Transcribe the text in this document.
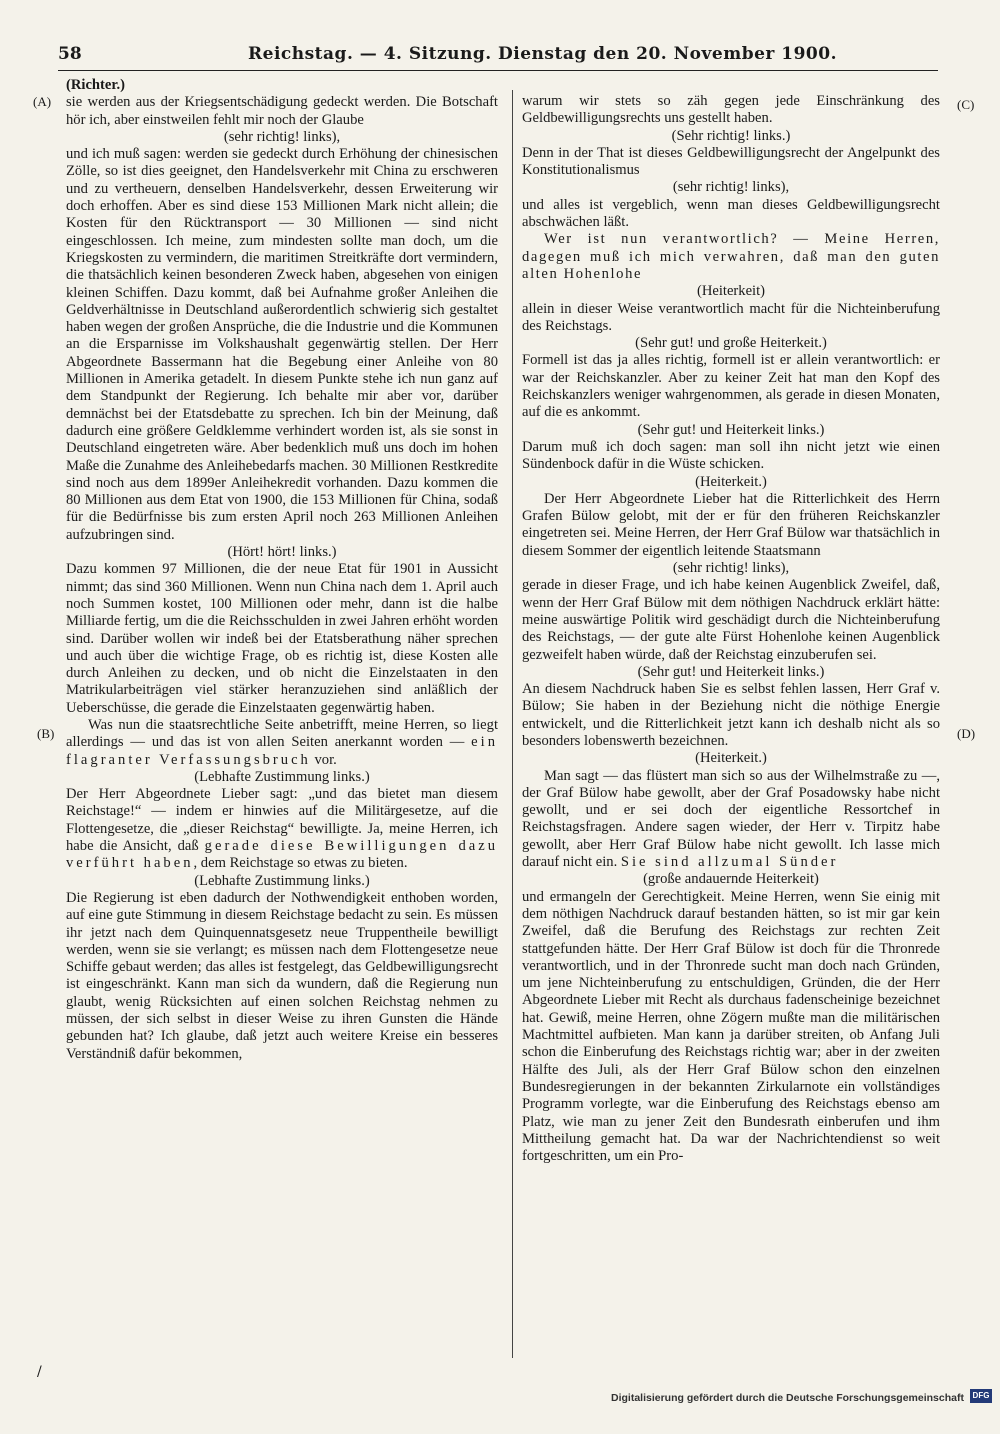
58	Reichstag. — 4. Sitzung. Dienstag den 20. November 1900.
(A)
(B)
(C)
(D)

(Richter.)

sie werden aus der Kriegsentschädigung gedeckt werden. Die Botschaft hör ich, aber einstweilen fehlt mir noch der Glaube

(sehr richtig! links),

und ich muß sagen: werden sie gedeckt durch Erhöhung der chinesischen Zölle, so ist dies geeignet, den Handelsverkehr mit China zu erschweren und zu vertheuern, denselben Handelsverkehr, dessen Erweiterung wir doch erhoffen. Aber es sind diese 153 Millionen Mark nicht allein; die Kosten für den Rücktransport — 30 Millionen — sind nicht eingeschlossen. Ich meine, zum mindesten sollte man doch, um die Kriegskosten zu vermindern, die maritimen Streitkräfte dort vermindern, die thatsächlich keinen besonderen Zweck haben, abgesehen von einigen kleinen Schiffen. Dazu kommt, daß bei Aufnahme großer Anleihen die Geldverhältnisse in Deutschland außerordentlich schwierig sich gestaltet haben wegen der großen Ansprüche, die die Industrie und die Kommunen an die Ersparnisse im Volkshaushalt gegenwärtig stellen. Der Herr Abgeordnete Bassermann hat die Begebung einer Anleihe von 80 Millionen in Amerika getadelt. In diesem Punkte stehe ich nun ganz auf dem Standpunkt der Regierung. Ich behalte mir aber vor, darüber demnächst bei der Etatsdebatte zu sprechen. Ich bin der Meinung, daß dadurch eine größere Geldklemme verhindert worden ist, als sie sonst in Deutschland eingetreten wäre. Aber bedenklich muß uns doch im hohen Maße die Zunahme des Anleihebedarfs machen. 30 Millionen Restkredite sind noch aus dem 1899er Anleihekredit vorhanden. Dazu kommen die 80 Millionen aus dem Etat von 1900, die 153 Millionen für China, sodaß für die Bedürfnisse bis zum ersten April noch 263 Millionen Anleihen aufzubringen sind.

(Hört! hört! links.)

Dazu kommen 97 Millionen, die der neue Etat für 1901 in Aussicht nimmt; das sind 360 Millionen. Wenn nun China nach dem 1. April auch noch Summen kostet, 100 Millionen oder mehr, dann ist die halbe Milliarde fertig, um die die Reichsschulden in zwei Jahren erhöht worden sind. Darüber wollen wir indeß bei der Etatsberathung näher sprechen und auch über die wichtige Frage, ob es richtig ist, diese Kosten alle durch Anleihen zu decken, und ob nicht die Einzelstaaten in den Matrikularbeiträgen viel stärker heranzuziehen sind anläßlich der Ueberschüsse, die gerade die Einzelstaaten gegenwärtig haben.

Was nun die staatsrechtliche Seite anbetrifft, meine Herren, so liegt allerdings — und das ist von allen Seiten anerkannt worden — ein flagranter Verfassungsbruch vor.

(Lebhafte Zustimmung links.)

Der Herr Abgeordnete Lieber sagt: „und das bietet man diesem Reichstage!“ — indem er hinwies auf die Militärgesetze, auf die Flottengesetze, die „dieser Reichstag“ bewilligte. Ja, meine Herren, ich habe die Ansicht, daß gerade diese Bewilligungen dazu verführt haben, dem Reichstage so etwas zu bieten.

(Lebhafte Zustimmung links.)

Die Regierung ist eben dadurch der Nothwendigkeit enthoben worden, auf eine gute Stimmung in diesem Reichstage bedacht zu sein. Es müssen ihr jetzt nach dem Quinquennatsgesetz neue Truppentheile bewilligt werden, wenn sie sie verlangt; es müssen nach dem Flottengesetze neue Schiffe gebaut werden; das alles ist festgelegt, das Geldbewilligungsrecht ist eingeschränkt. Kann man sich da wundern, daß die Regierung nun glaubt, wenig Rücksichten auf einen solchen Reichstag nehmen zu müssen, der sich selbst in dieser Weise zu ihren Gunsten die Hände gebunden hat? Ich glaube, daß jetzt auch weitere Kreise ein besseres Verständniß dafür bekommen,

warum wir stets so zäh gegen jede Einschränkung des Geldbewilligungsrechts uns gestellt haben.

(Sehr richtig! links.)

Denn in der That ist dieses Geldbewilligungsrecht der Angelpunkt des Konstitutionalismus

(sehr richtig! links),

und alles ist vergeblich, wenn man dieses Geldbewilligungsrecht abschwächen läßt.

Wer ist nun verantwortlich? — Meine Herren, dagegen muß ich mich verwahren, daß man den guten alten Hohenlohe

(Heiterkeit)

allein in dieser Weise verantwortlich macht für die Nichteinberufung des Reichstags.

(Sehr gut! und große Heiterkeit.)

Formell ist das ja alles richtig, formell ist er allein verantwortlich: er war der Reichskanzler. Aber zu keiner Zeit hat man den Kopf des Reichskanzlers weniger wahrgenommen, als gerade in diesen Monaten, auf die es ankommt.

(Sehr gut! und Heiterkeit links.)

Darum muß ich doch sagen: man soll ihn nicht jetzt wie einen Sündenbock dafür in die Wüste schicken.

(Heiterkeit.)

Der Herr Abgeordnete Lieber hat die Ritterlichkeit des Herrn Grafen Bülow gelobt, mit der er für den früheren Reichskanzler eingetreten sei. Meine Herren, der Herr Graf Bülow war thatsächlich in diesem Sommer der eigentlich leitende Staatsmann

(sehr richtig! links),

gerade in dieser Frage, und ich habe keinen Augenblick Zweifel, daß, wenn der Herr Graf Bülow mit dem nöthigen Nachdruck erklärt hätte: meine auswärtige Politik wird geschädigt durch die Nichteinberufung des Reichstags, — der gute alte Fürst Hohenlohe keinen Augenblick gezweifelt haben würde, daß der Reichstag einzuberufen sei.

(Sehr gut! und Heiterkeit links.)

An diesem Nachdruck haben Sie es selbst fehlen lassen, Herr Graf v. Bülow; Sie haben in der Beziehung nicht die nöthige Energie entwickelt, und die Ritterlichkeit jetzt kann ich deshalb nicht als so besonders lobenswerth bezeichnen.

(Heiterkeit.)

Man sagt — das flüstert man sich so aus der Wilhelmstraße zu —, der Graf Bülow habe gewollt, aber der Graf Posadowsky habe nicht gewollt, und er sei doch der eigentliche Ressortchef in Reichstagsfragen. Andere sagen wieder, der Herr v. Tirpitz habe gewollt, aber Herr Graf Bülow habe nicht gewollt. Ich lasse mich darauf nicht ein. Sie sind allzumal Sünder

(große andauernde Heiterkeit)

und ermangeln der Gerechtigkeit. Meine Herren, wenn Sie einig mit dem nöthigen Nachdruck darauf bestanden hätten, so ist mir gar kein Zweifel, daß die Berufung des Reichstags zur rechten Zeit stattgefunden hätte. Der Herr Graf Bülow ist doch für die Thronrede verantwortlich, und in der Thronrede sucht man doch nach Gründen, um jene Nichteinberufung zu entschuldigen, Gründen, die der Herr Abgeordnete Lieber mit Recht als durchaus fadenscheinige bezeichnet hat. Gewiß, meine Herren, ohne Zögern mußte man die militärischen Machtmittel aufbieten. Man kann ja darüber streiten, ob Anfang Juli schon die Einberufung des Reichstags richtig war; aber in der zweiten Hälfte des Juli, als der Herr Graf Bülow schon den einzelnen Bundesregierungen in der bekannten Zirkularnote ein vollständiges Programm vorlegte, war die Einberufung des Reichstags ebenso am Platz, wie man zu jener Zeit den Bundesrath einberufen und ihm Mittheilung gemacht hat. Da war der Nachrichtendienst so weit fortgeschritten, um ein Pro-

/
Digitalisierung gefördert durch die Deutsche Forschungsgemeinschaft	DFG
